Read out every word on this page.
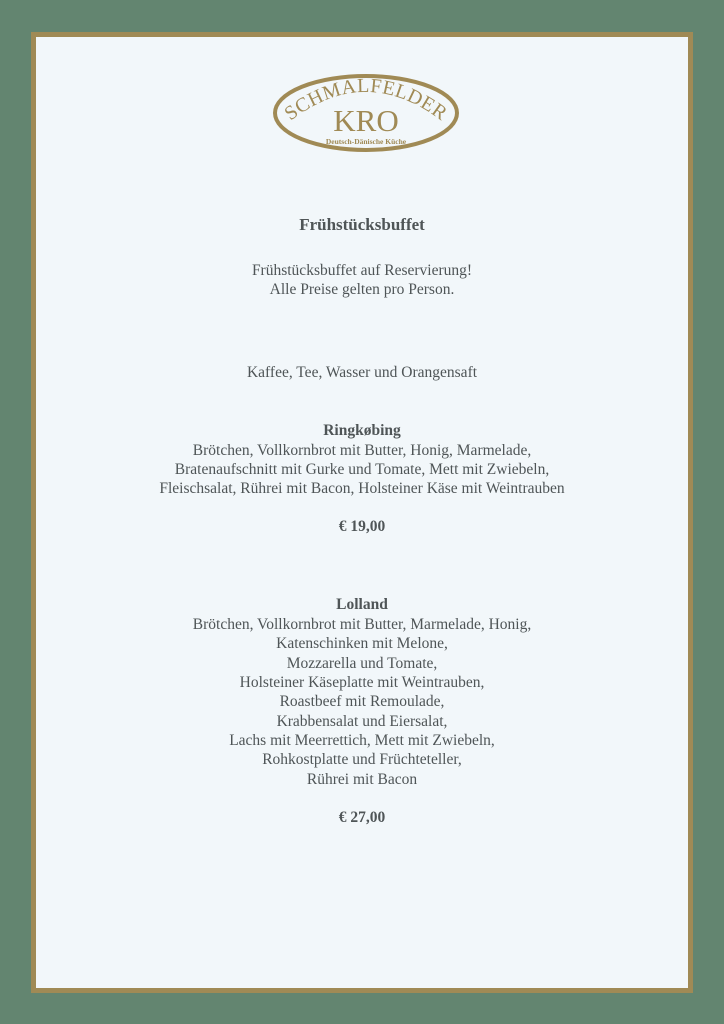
SCHMALFELDER
KRO
Deutsch-Dänische Küche
Frühstücksbuffet
Frühstücksbuffet auf Reservierung!
Alle Preise gelten pro Person.
Kaffee, Tee, Wasser und Orangensaft
Ringkøbing
Brötchen, Vollkornbrot mit Butter, Honig, Marmelade,
Bratenaufschnitt mit Gurke und Tomate, Mett mit Zwiebeln,
Fleischsalat, Rührei mit Bacon, Holsteiner Käse mit Weintrauben
€ 19,00
Lolland
Brötchen, Vollkornbrot mit Butter, Marmelade, Honig,
Katenschinken mit Melone,
Mozzarella und Tomate,
Holsteiner Käseplatte mit Weintrauben,
Roastbeef mit Remoulade,
Krabbensalat und Eiersalat,
Lachs mit Meerrettich, Mett mit Zwiebeln,
Rohkostplatte und Früchteteller,
Rührei mit Bacon
€ 27,00
